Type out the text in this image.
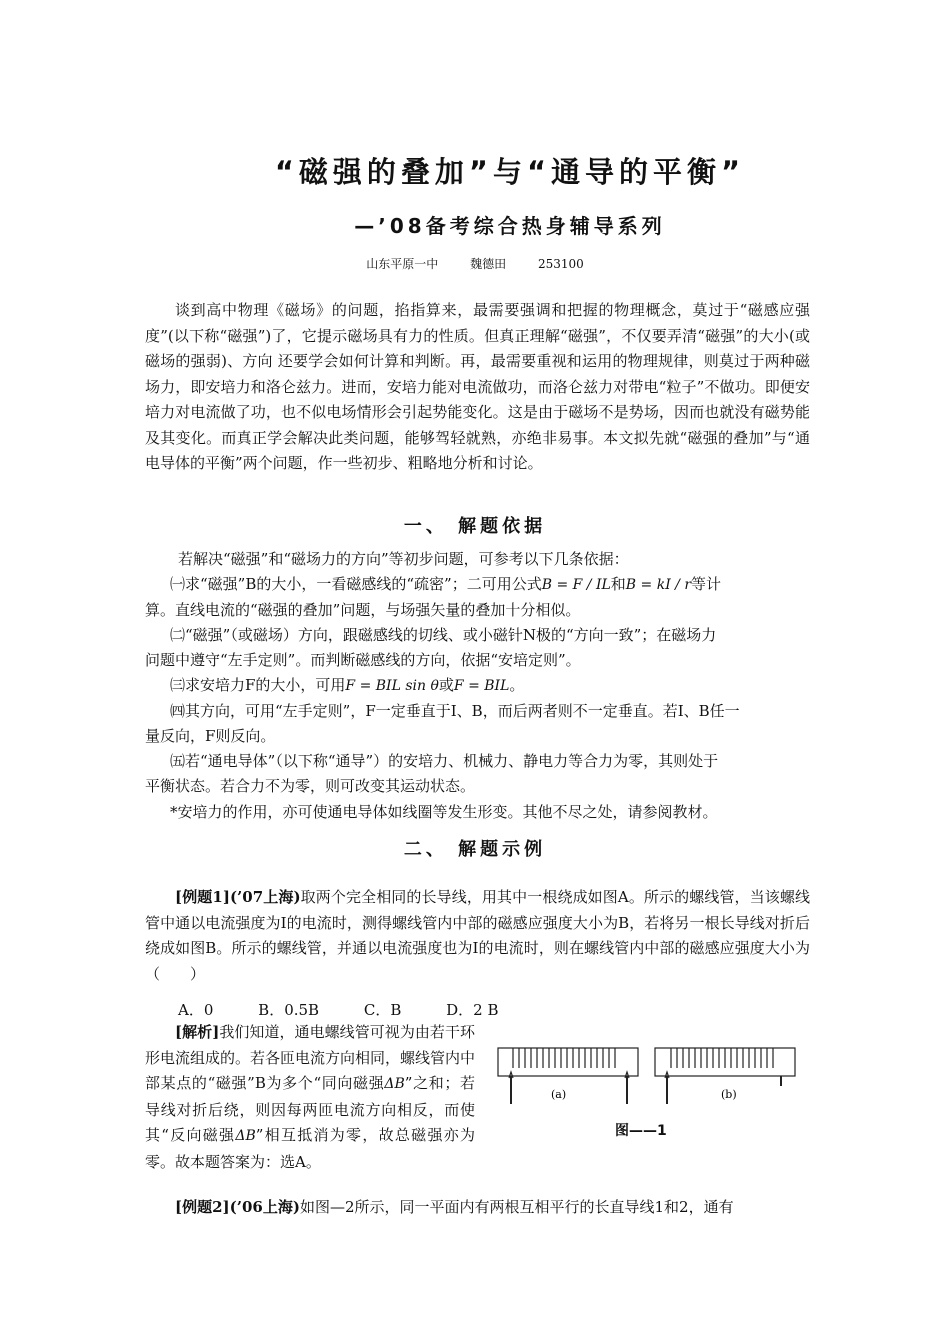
“磁强的叠加”与“通导的平衡”
—’08备考综合热身辅导系列
山东平原一中	魏德田	253100
谈到高中物理《磁场》的问题，掐指算来，最需要强调和把握的物理概念，莫过于“磁感应强度”(以下称“磁强”)了，它提示磁场具有力的性质。但真正理解“磁强”，不仅要弄清“磁强”的大小(或磁场的强弱)、方向 还要学会如何计算和判断。再，最需要重视和运用的物理规律，则莫过于两种磁场力，即安培力和洛仑兹力。进而，安培力能对电流做功，而洛仑兹力对带电“粒子”不做功。即便安培力对电流做了功，也不似电场情形会引起势能变化。这是由于磁场不是势场，因而也就没有磁势能及其变化。而真正学会解决此类问题，能够驾轻就熟，亦绝非易事。本文拟先就“磁强的叠加”与“通电导体的平衡”两个问题，作一些初步、粗略地分析和讨论。
一、 解题依据
若解决“磁强”和“磁场力的方向”等初步问题，可参考以下几条依据：
㈠求“磁强”B的大小，一看磁感线的“疏密”；二可用公式B = F / IL和B = kI / r等计
算。直线电流的“磁强的叠加”问题，与场强矢量的叠加十分相似。
㈡“磁强”（或磁场）方向，跟磁感线的切线、或小磁针N极的“方向一致”；在磁场力
问题中遵守“左手定则”。而判断磁感线的方向，依据“安培定则”。
㈢求安培力F的大小，可用F = BIL sin θ或F = BIL。
㈣其方向，可用“左手定则”，F一定垂直于I、B，而后两者则不一定垂直。若I、B任一
量反向，F则反向。
㈤若“通电导体”（以下称“通导”）的安培力、机械力、静电力等合力为零，其则处于
平衡状态。若合力不为零，则可改变其运动状态。
*安培力的作用，亦可使通电导体如线圈等发生形变。其他不尽之处，请参阅教材。
二、 解题示例
[例题1](’07上海)取两个完全相同的长导线，用其中一根绕成如图A。所示的螺线管，当该螺线管中通以电流强度为I的电流时，测得螺线管内中部的磁感应强度大小为B，若将另一根长导线对折后绕成如图B。所示的螺线管，并通以电流强度也为I的电流时，则在螺线管内中部的磁感应强度大小为　　（　　）
A．0	B．0.5B	C．B	D．2 B
[解析]我们知道，通电螺线管可视为由若干环形电流组成的。若各匝电流方向相同，螺线管内中部某点的“磁强”B为多个“同向磁强ΔB”之和；若导线对折后绕，则因每两匝电流方向相反，而使其“反向磁强ΔB”相互抵消为零，故总磁强亦为零。故本题答案为：选A。
(a)	(b)
图——1
[例题2](’06上海)如图—2所示，同一平面内有两根互相平行的长直导线1和2，通有
